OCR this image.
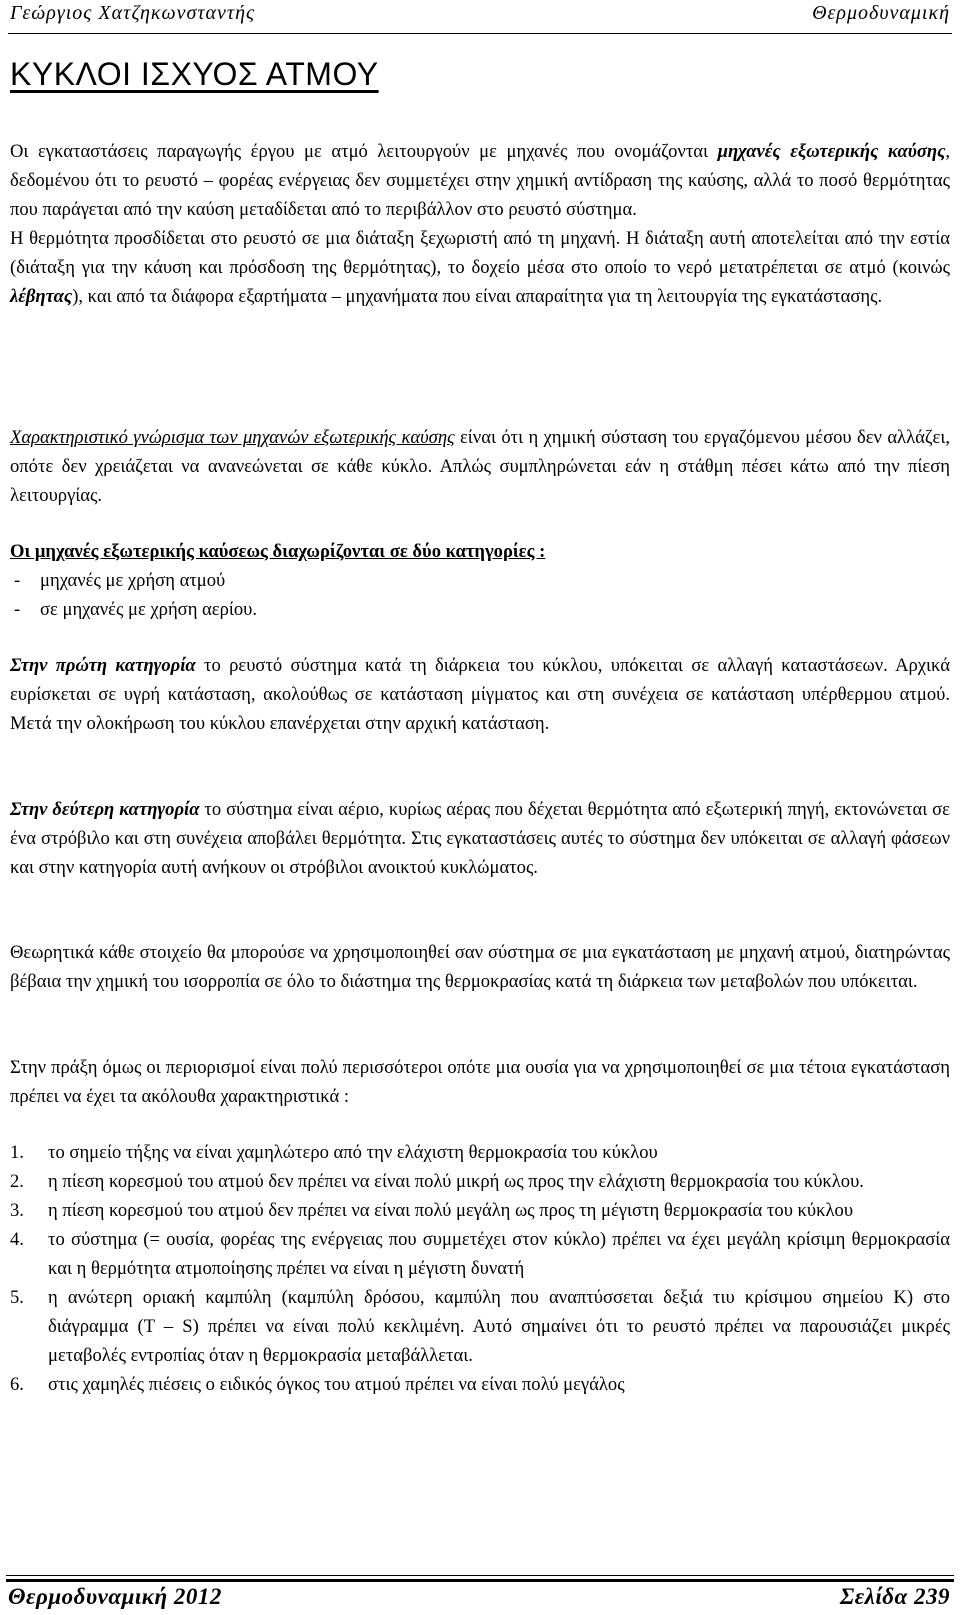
Γεώργιος Χατζηκωνσταντής	Θερμοδυναμική
ΚΥΚΛΟΙ ΙΣΧΥΟΣ ΑΤΜΟΥ

Οι εγκαταστάσεις παραγωγής έργου με ατμό λειτουργούν με μηχανές που ονομάζονται μηχανές εξωτερικής καύσης, δεδομένου ότι το ρευστό – φορέας ενέργειας δεν συμμετέχει στην χημική αντίδραση της καύσης, αλλά το ποσό θερμότητας που παράγεται από την καύση μεταδίδεται από το περιβάλλον στο ρευστό σύστημα.

Η θερμότητα προσδίδεται στο ρευστό σε μια διάταξη ξεχωριστή από τη μηχανή. Η διάταξη αυτή αποτελείται από την εστία (διάταξη για την κάυση και πρόσδοση της θερμότητας), το δοχείο μέσα στο οποίο το νερό μετατρέπεται σε ατμό (κοινώς λέβητας), και από τα διάφορα εξαρτήματα – μηχανήματα που είναι απαραίτητα για τη λειτουργία της εγκατάστασης.

Χαρακτηριστικό γνώρισμα των μηχανών εξωτερικής καύσης είναι ότι η χημική σύσταση του εργαζόμενου μέσου δεν αλλάζει, οπότε δεν χρειάζεται να ανανεώνεται σε κάθε κύκλο. Απλώς συμπληρώνεται εάν η στάθμη πέσει κάτω από την πίεση λειτουργίας.

Οι μηχανές εξωτερικής καύσεως διαχωρίζονται σε δύο κατηγορίες :

- μηχανές με χρήση ατμού
- σε μηχανές με χρήση αερίου.

Στην πρώτη κατηγορία το ρευστό σύστημα κατά τη διάρκεια του κύκλου, υπόκειται σε αλλαγή καταστάσεων. Αρχικά ευρίσκεται σε υγρή κατάσταση, ακολούθως σε κατάσταση μίγματος και στη συνέχεια σε κατάσταση υπέρθερμου ατμού. Μετά την ολοκήρωση του κύκλου επανέρχεται στην αρχική κατάσταση.

Στην δεύτερη κατηγορία το σύστημα είναι αέριο, κυρίως αέρας που δέχεται θερμότητα από εξωτερική πηγή, εκτονώνεται σε ένα στρόβιλο και στη συνέχεια αποβάλει θερμότητα. Στις εγκαταστάσεις αυτές το σύστημα δεν υπόκειται σε αλλαγή φάσεων και στην κατηγορία αυτή ανήκουν οι στρόβιλοι ανοικτού κυκλώματος.

Θεωρητικά κάθε στοιχείο θα μπορούσε να χρησιμοποιηθεί σαν σύστημα σε μια εγκατάσταση με μηχανή ατμού, διατηρώντας βέβαια την χημική του ισορροπία σε όλο το διάστημα της θερμοκρασίας κατά τη διάρκεια των μεταβολών που υπόκειται.

Στην πράξη όμως οι περιορισμοί είναι πολύ περισσότεροι οπότε μια ουσία για να χρησιμοποιηθεί σε μια τέτοια εγκατάσταση πρέπει να έχει τα ακόλουθα χαρακτηριστικά :

1. το σημείο τήξης να είναι χαμηλώτερο από την ελάχιστη θερμοκρασία του κύκλου
2. η πίεση κορεσμού του ατμού δεν πρέπει να είναι πολύ μικρή ως προς την ελάχιστη θερμοκρασία του κύκλου.
3. η πίεση κορεσμού του ατμού δεν πρέπει να είναι πολύ μεγάλη ως προς τη μέγιστη θερμοκρασία του κύκλου
4. το σύστημα (= ουσία, φορέας της ενέργειας που συμμετέχει στον κύκλο) πρέπει να έχει μεγάλη κρίσιμη θερμοκρασία και η θερμότητα ατμοποίησης πρέπει να είναι η μέγιστη δυνατή
5. η ανώτερη οριακή καμπύλη (καμπύλη δρόσου, καμπύλη που αναπτύσσεται δεξιά τιυ κρίσιμου σημείου Κ) στο διάγραμμα (T – S) πρέπει να είναι πολύ κεκλιμένη. Αυτό σημαίνει ότι το ρευστό πρέπει να παρουσιάζει μικρές μεταβολές εντροπίας όταν η θερμοκρασία μεταβάλλεται.
6. στις χαμηλές πιέσεις ο ειδικός όγκος του ατμού πρέπει να είναι πολύ μεγάλος
Θερμοδυναμική 2012	Σελίδα 239
